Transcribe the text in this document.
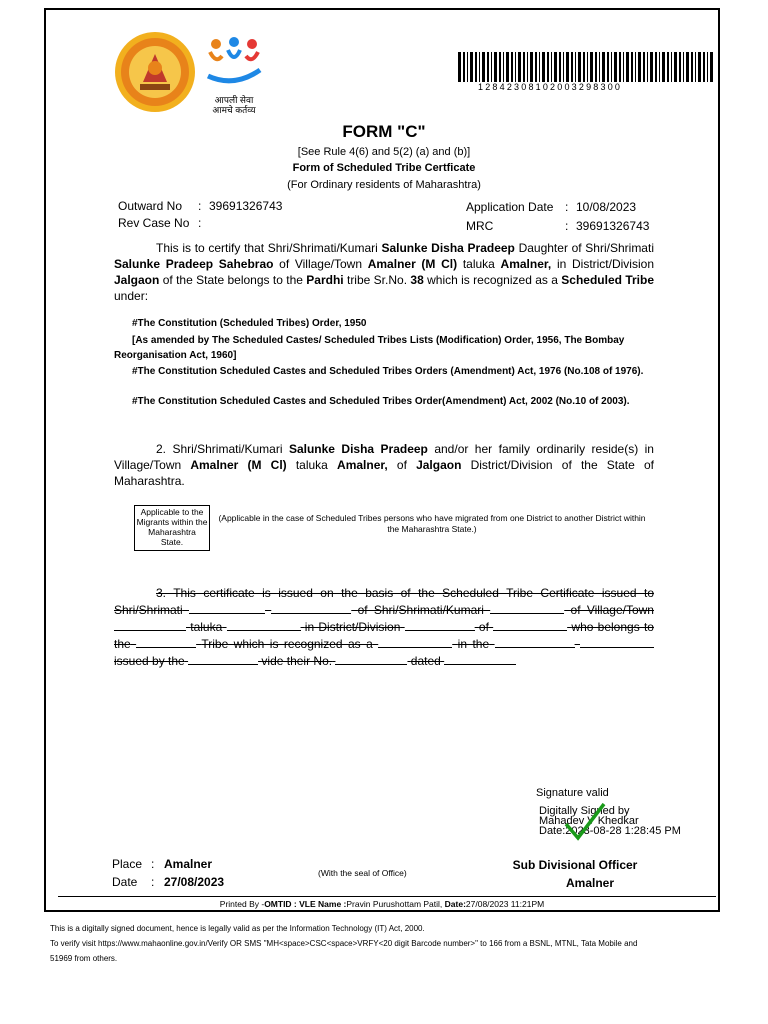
आपली सेवा
आमचे कर्तव्य
12842308102003298300
FORM "C"
[See Rule 4(6) and 5(2) (a) and (b)]
Form of Scheduled Tribe Certficate
(For Ordinary residents of Maharashtra)
Outward No : 39691326743
Rev Case No :
Application Date : 10/08/2023
MRC	: 39691326743
This is to certify that Shri/Shrimati/Kumari Salunke Disha Pradeep Daughter of Shri/Shrimati Salunke Pradeep Sahebrao of Village/Town Amalner (M Cl) taluka Amalner, in District/Division Jalgaon of the State belongs to the Pardhi tribe Sr.No. 38 which is recognized as a Scheduled Tribe under:
#The Constitution (Scheduled Tribes) Order, 1950
[As amended by The Scheduled Castes/ Scheduled Tribes Lists (Modification) Order, 1956, The Bombay Reorganisation Act, 1960]
#The Constitution Scheduled Castes and Scheduled Tribes Orders (Amendment) Act, 1976 (No.108 of 1976).
#The Constitution Scheduled Castes and Scheduled Tribes Order(Amendment) Act, 2002 (No.10 of 2003).
2. Shri/Shrimati/Kumari Salunke Disha Pradeep and/or her family ordinarily reside(s) in Village/Town Amalner (M Cl) taluka Amalner, of Jalgaon District/Division of the State of Maharashtra.
Applicable to the Migrants within the Maharashtra State.
(Applicable in the case of Scheduled Tribes persons who have migrated from one District to another District within the Maharashtra State.)
3. This certificate is issued on the basis of the Scheduled Tribe Certificate issued to Shri/Shrimati	of Shri/Shrimati/Kumari	of Village/Town  taluka	in District/Division	of	who belongs to the	Tribe which is recognized as a	in the   issued by the	vide their No.	dated
Signature valid
Digitally Signed by
Mahadev V Khedkar
Date:2023-08-28 1:28:45 PM
Place : Amalner
Date : 27/08/2023
(With the seal of Office)
Sub Divisional Officer
Amalner
Printed By -OMTID : VLE Name :Pravin Purushottam Patil, Date:27/08/2023 11:21PM
This is a digitally signed document, hence is legally valid as per the Information Technology (IT) Act, 2000.
To verify visit https://www.mahaonline.gov.in/Verify OR SMS "MH<space>CSC<space>VRFY<20 digit Barcode number>" to 166 from a BSNL, MTNL, Tata Mobile and
51969 from others.
